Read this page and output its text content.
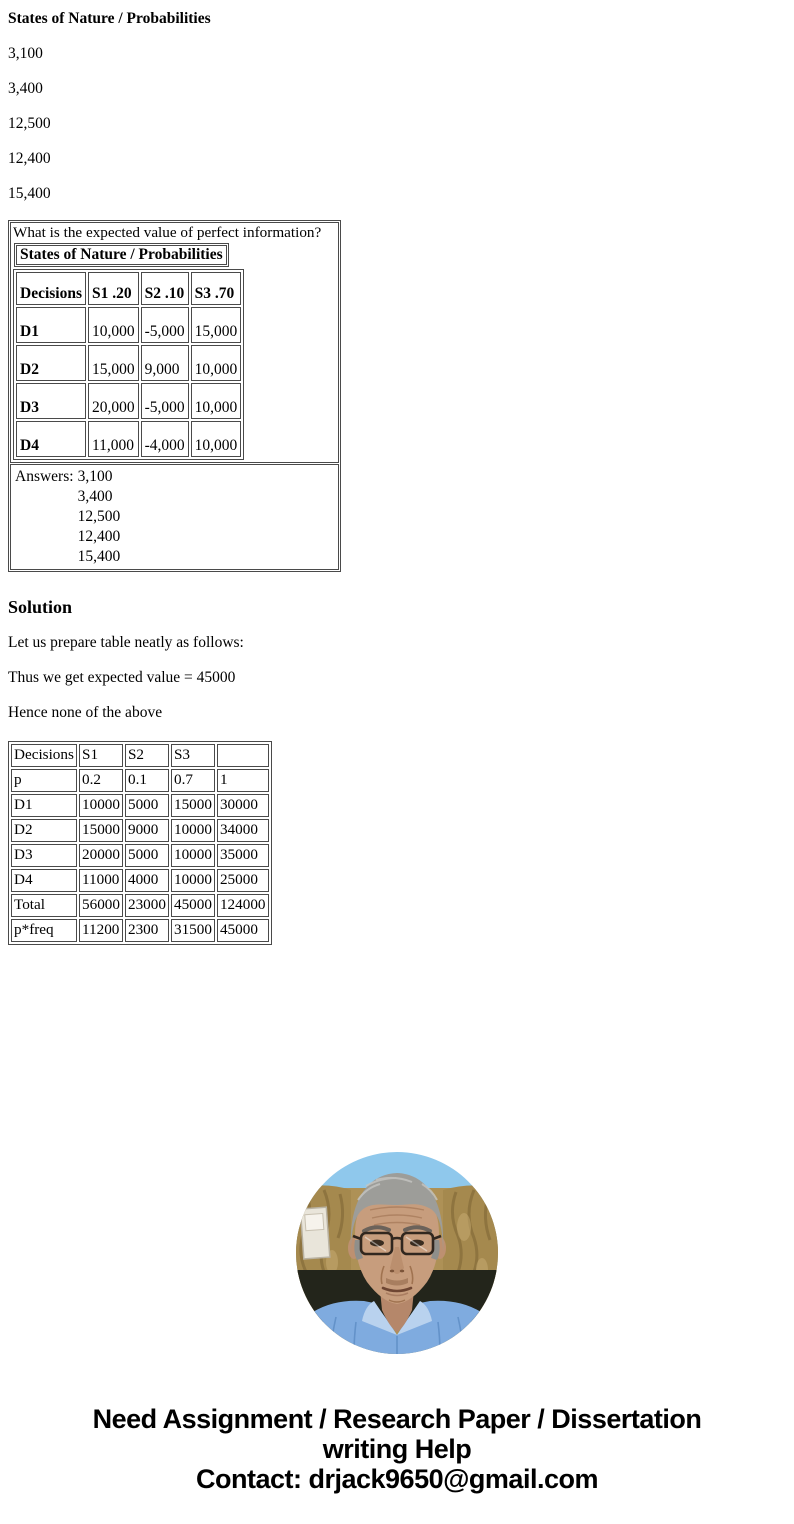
States of Nature / Probabilities

3,100

3,400

12,500

12,400

15,400

What is the expected value of perfect information?

States of Nature / Probabilities
Decisions	S1 .20	S2 .10	S3 .70
D1	10,000	-5,000	15,000
D2	15,000	9,000	10,000
D3	20,000	-5,000	10,000
D4	11,000	-4,000	10,000

Answers: 3,100
3,400
12,500
12,400
15,400
Solution

Let us prepare table neatly as follows:

Thus we get expected value = 45000

Hence none of the above

Decisions	S1	S2	S3	
p	0.2	0.1	0.7	1
D1	10000	5000	15000	30000
D2	15000	9000	10000	34000
D3	20000	5000	10000	35000
D4	11000	4000	10000	25000
Total	56000	23000	45000	124000
p*freq	11200	2300	31500	45000
Need Assignment / Research Paper / Dissertation
writing Help
Contact: drjack9650@gmail.com
